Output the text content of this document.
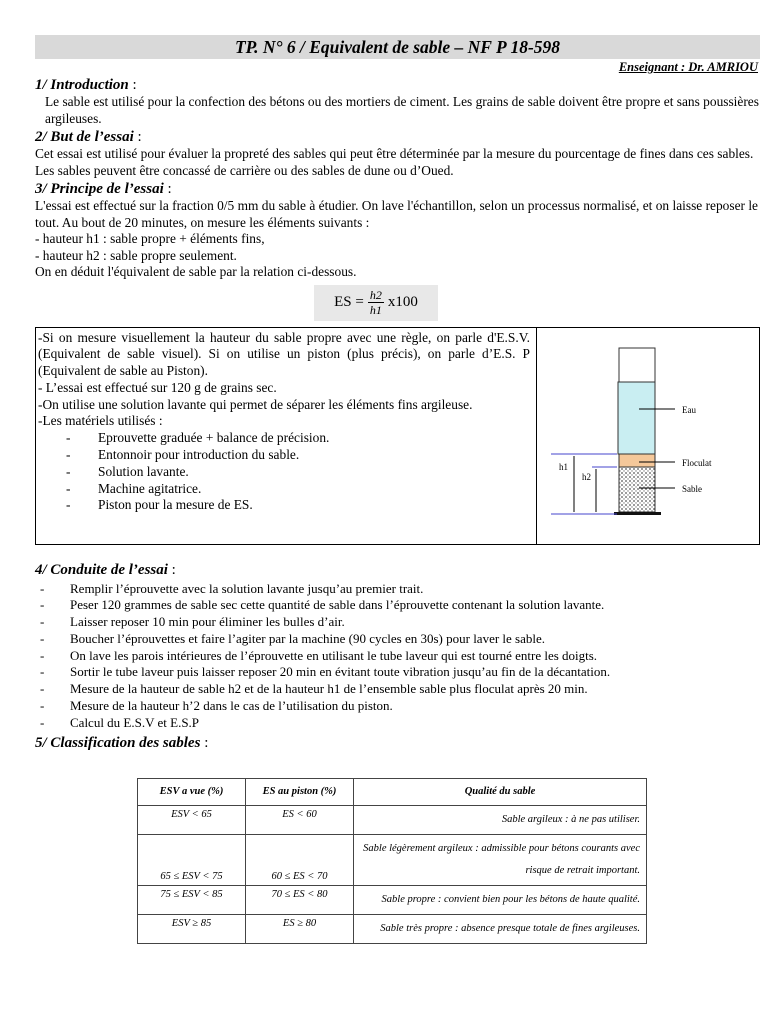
TP. N° 6 / Equivalent de sable – NF P 18-598
Enseignant : Dr. AMRIOU
1/ Introduction :

Le sable est utilisé pour la confection des bétons ou des mortiers de ciment. Les grains de sable doivent être propre et sans poussières argileuses.

2/ But de l’essai :

Cet essai est utilisé pour évaluer la propreté des sables qui peut être déterminée par la mesure du pourcentage de fines dans ces sables. Les sables peuvent être concassé de carrière ou des sables de dune ou d’Oued.

3/ Principe de l’essai :

L'essai est effectué sur la fraction 0/5 mm du sable à étudier. On lave l'échantillon, selon un processus normalisé, et on laisse reposer le tout. Au bout de 20 minutes, on mesure les éléments suivants :

- hauteur h1 : sable propre + éléments fins,

- hauteur h2 : sable propre seulement.

On en déduit l'équivalent de sable par la relation ci-dessous.

ES = $\frac{h2}{h1} x100$

-Si on mesure visuellement la hauteur du sable propre avec une règle, on parle d'E.S.V. (Equivalent de sable visuel). Si on utilise un piston (plus précis), on parle d’E.S. P (Equivalent de sable au Piston).

- L’essai est effectué sur 120 g de grains sec.

-On utilise une solution lavante qui permet de séparer les éléments fins argileuse.

-Les matériels utilisés :

- Eprouvette graduée + balance de précision.
- Entonnoir pour introduction du sable.
- Solution lavante.
- Machine agitatrice.
- Piston pour la mesure de ES.
Eau
Floculat
Sable
h1
h2
4/ Conduite de l’essai :
- Remplir l’éprouvette avec la solution lavante jusqu’au premier trait.
- Peser 120 grammes de sable sec cette quantité de sable dans l’éprouvette contenant la solution lavante.
- Laisser reposer 10 min pour éliminer les bulles d’air.
- Boucher l’éprouvettes et faire l’agiter par la machine (90 cycles en 30s) pour laver le sable.
- On lave les parois intérieures de l’éprouvette en utilisant le tube laveur qui est tourné entre les doigts.
- Sortir le tube laveur puis laisser reposer 20 min en évitant toute vibration jusqu’au fin de la décantation.
- Mesure de la hauteur de sable h2 et de la hauteur h1 de l’ensemble sable plus floculat après 20 min.
- Mesure de la hauteur h’2 dans le cas de l’utilisation du piston.
- Calcul du E.S.V et E.S.P
5/ Classification des sables :
ESV a vue (%)	ES au piston (%)	Qualité du sable
ESV < 65	ES < 60	Sable argileux : à ne pas utiliser.
65 ≤ ESV < 75	60 ≤ ES < 70	Sable légèrement argileux : admissible pour bétons courants avec risque de retrait important.
75 ≤ ESV < 85	70 ≤ ES < 80	Sable propre : convient bien pour les bétons de haute qualité.
ESV ≥ 85	ES ≥ 80	Sable très propre : absence presque totale de fines argileuses.
